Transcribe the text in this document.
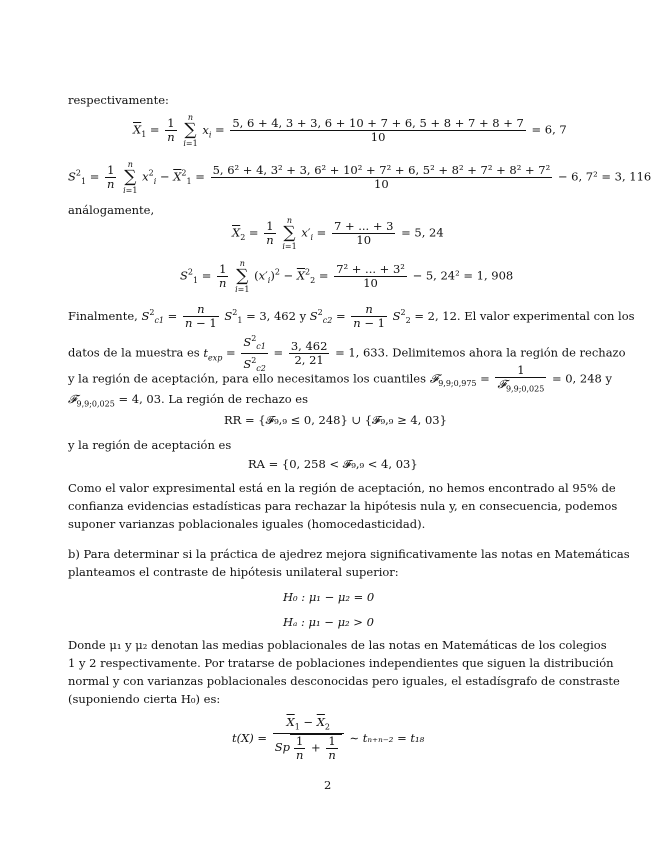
respectivamente:
$\overline{X}_1 = \frac{1}{n}$ n
∑
i=1 $x_i = \frac{5, 6 + 4, 3 + 3, 6 + 10 + 7 + 6, 5 + 8 + 7 + 8 + 7}{10} = 6$, 7
$S^2_1 = \frac{1}{n}$ n
∑
i=1 $x^2_i - \overline{X}^2_1 = \frac{\text{5, 6² + 4, 3² + 3, 6² + 10² + 7² + 6, 5² + 8² + 7² + 8² + 7²}}{10} - 6$, 7² = 3, 116
análogamente,
$\overline{X}_2 = \frac{1}{n}$ n
∑
i=1 $x'_i = \frac{7 + ... + 3}{10} = 5$, 24
$S^2_1 = \frac{1}{n}$ n
∑
i=1 $(x'_i)^2 - \overline{X}^2_2 = \frac{\text{7² + ... + 3²}}{10} - 5$, 24² = 1, 908
Finalmente, $S^2_{c1} = \frac{n}{n - 1} S^2_1 = 3$, 462 y $S^2_{c2} = \frac{n}{n - 1} S^2_2 = 2$, 12. El valor experimental con los
datos de la muestra es $t_{exp} = \frac{S^2_{c1}}{S^2_{c2}} = \frac{3, 462}{2, 21} = 1$, 633. Delimitemos ahora la región de rechazo
y la región de aceptación, para ello necesitamos los cuantiles 𝓕$_{9,9;0,975}$ = $\frac{1}{𝓕_{9,9;0,025}} = 0$, 248 y
𝓕$_{9,9;0,025}$ = 4, 03. La región de rechazo es
RR = {𝓕₉,₉ ≤ 0, 248} ∪ {𝓕₉,₉ ≥ 4, 03}
y la región de aceptación es
RA = {0, 258 < 𝓕₉,₉ < 4, 03}
Como el valor expresimental está en la región de aceptación, no hemos encontrado al 95% de
confianza evidencias estadísticas para rechazar la hipótesis nula y, en consecuencia, podemos
suponer varianzas poblacionales iguales (homocedasticidad).
b) Para determinar si la práctica de ajedrez mejora significativamente las notas en Matemáticas
planteamos el contraste de hipótesis unilateral superior:
H₀ : μ₁ − μ₂ = 0
Hₐ : μ₁ − μ₂ > 0
Donde μ₁ y μ₂ denotan las medias poblacionales de las notas en Matemáticas de los colegios
1 y 2 respectivamente. Por tratarse de poblaciones independientes que siguen la distribución
normal y con varianzas poblacionales desconocidas pero iguales, el estadísgrafo de constraste
(suponiendo cierta H₀) es:
$t(X) = \frac{\overline{X}_1 - \overline{X}_2}{Sp \frac{1}{n} + \frac{1}{n}}$ ∼ tₙ₊ₙ₋₂ = t₁₈
2
